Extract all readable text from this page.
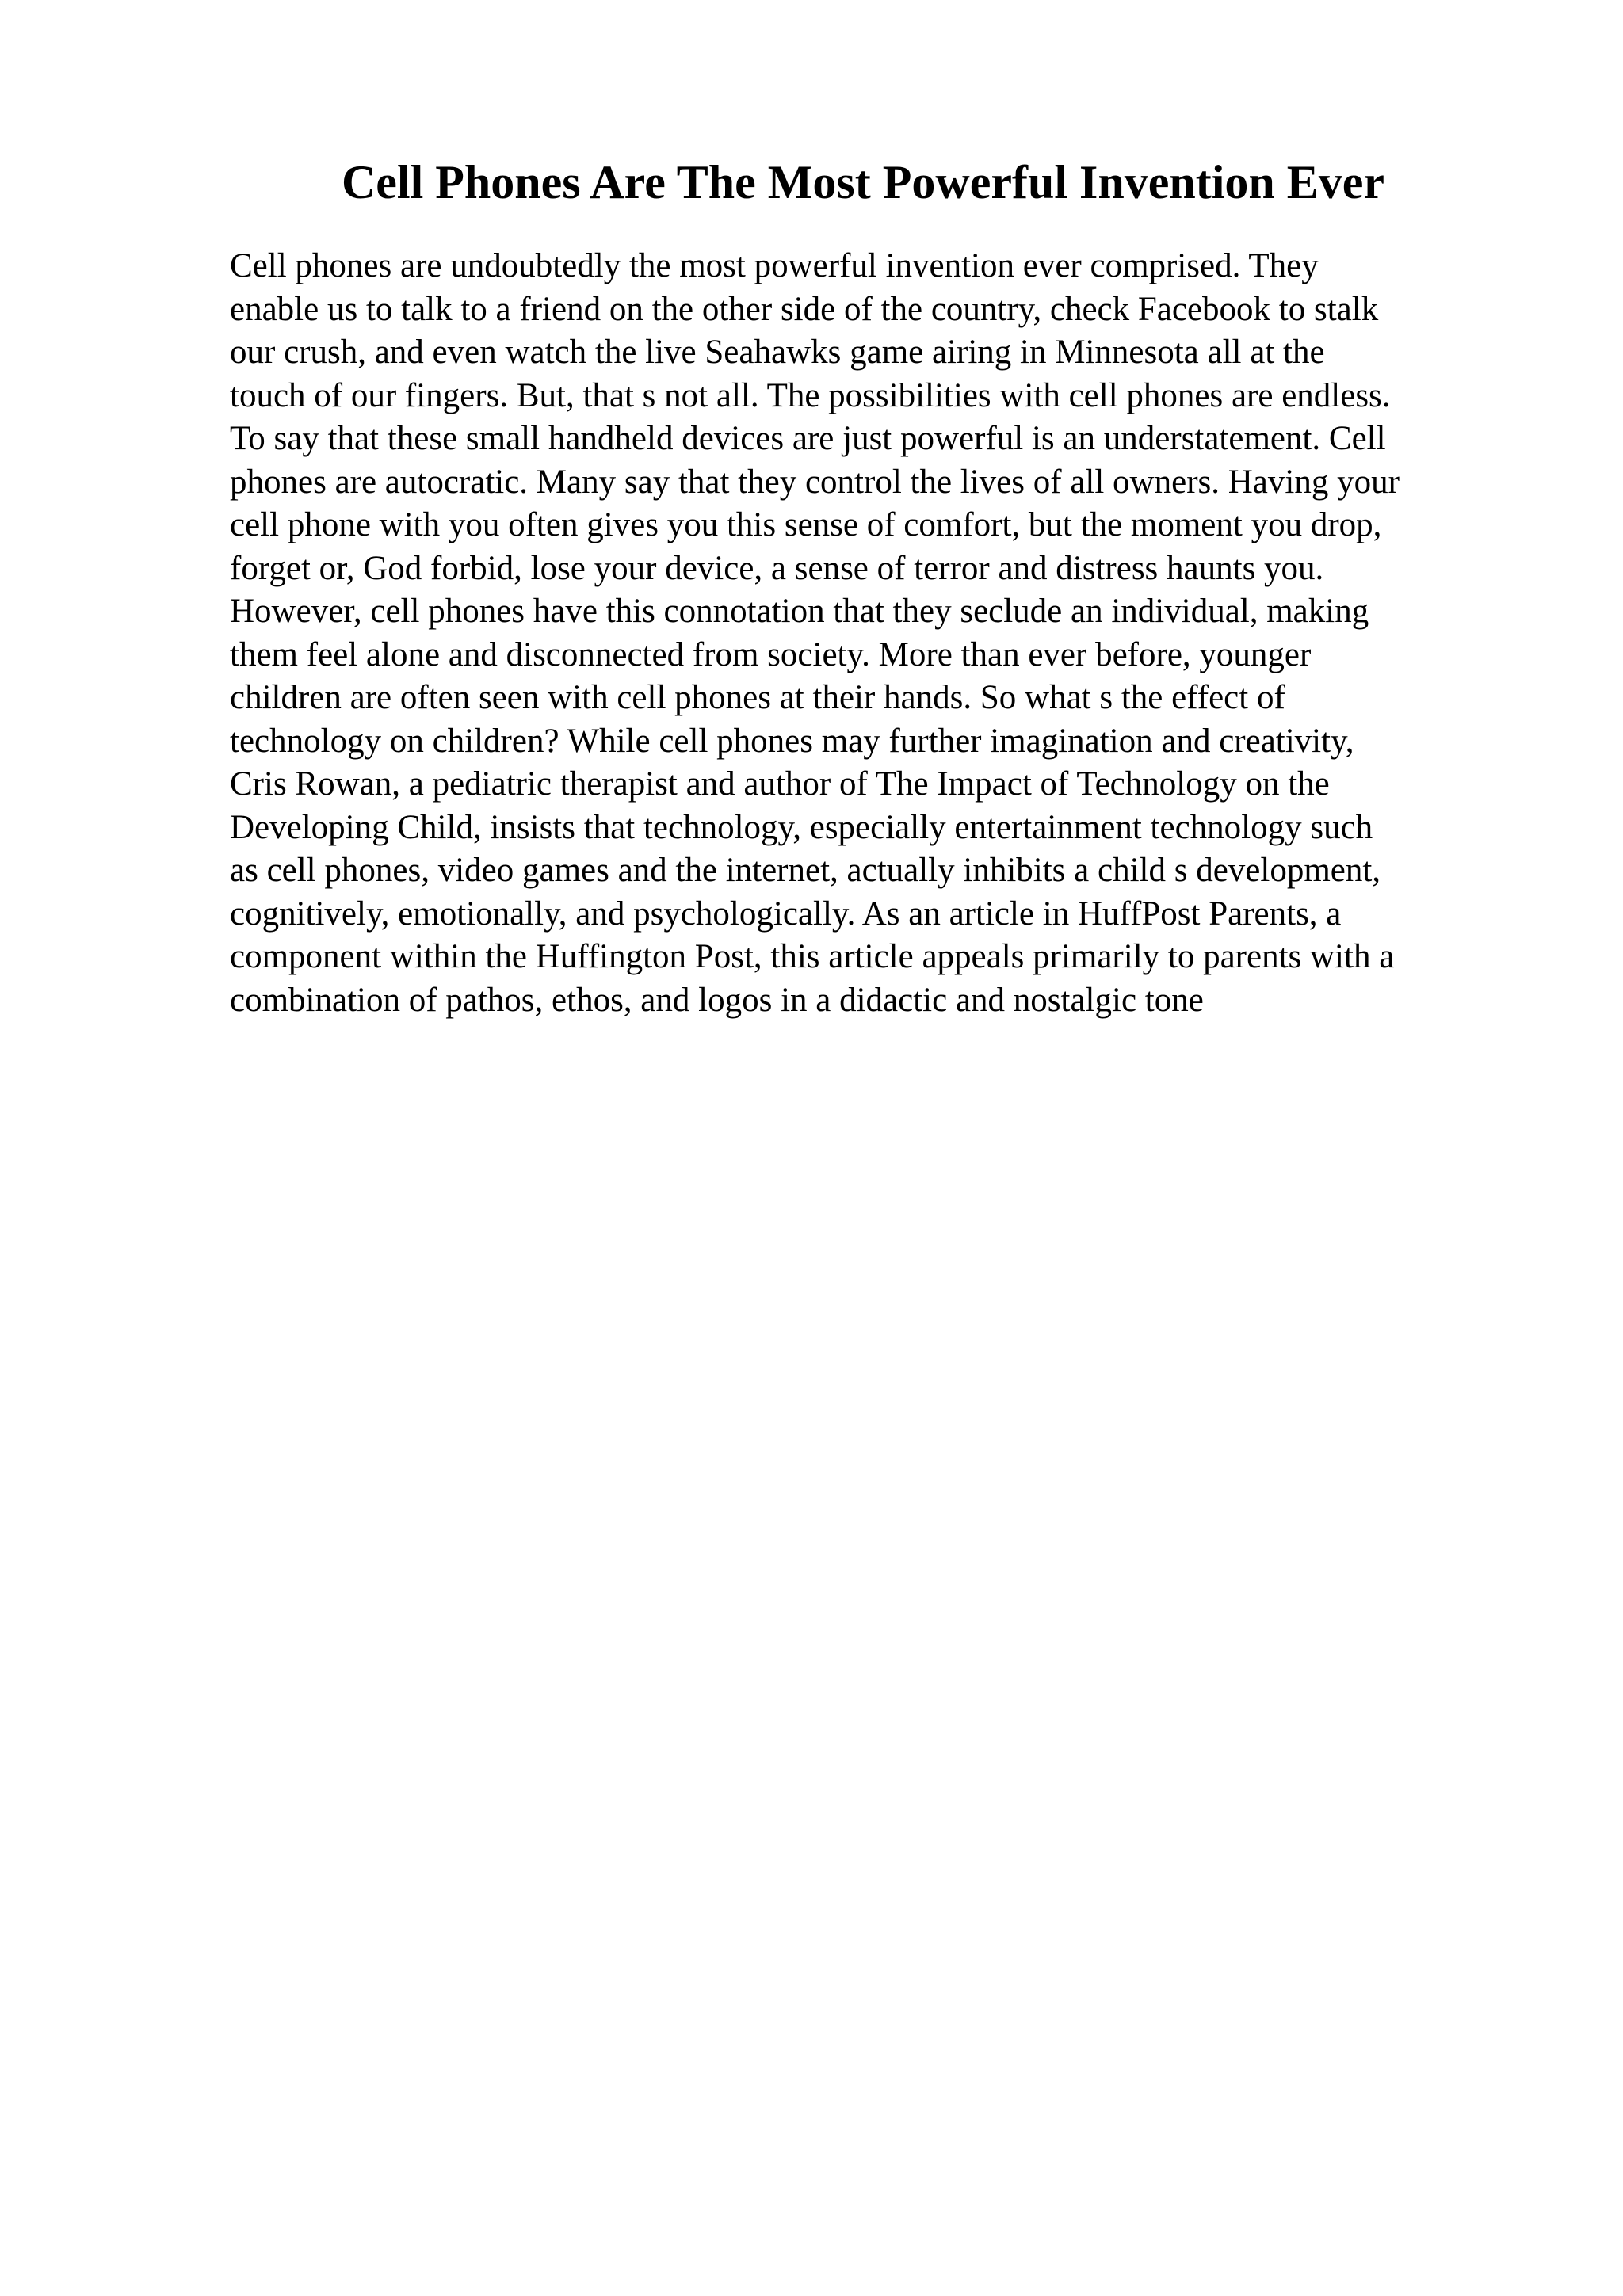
Cell Phones Are The Most Powerful Invention Ever
Cell phones are undoubtedly the most powerful invention ever comprised. They
enable us to talk to a friend on the other side of the country, check Facebook to stalk
our crush, and even watch the live Seahawks game airing in Minnesota all at the
touch of our fingers. But, that s not all. The possibilities with cell phones are endless.
To say that these small handheld devices are just powerful is an understatement. Cell
phones are autocratic. Many say that they control the lives of all owners. Having your
cell phone with you often gives you this sense of comfort, but the moment you drop,
forget or, God forbid, lose your device, a sense of terror and distress haunts you.
However, cell phones have this connotation that they seclude an individual, making
them feel alone and disconnected from society. More than ever before, younger
children are often seen with cell phones at their hands. So what s the effect of
technology on children? While cell phones may further imagination and creativity,
Cris Rowan, a pediatric therapist and author of The Impact of Technology on the
Developing Child, insists that technology, especially entertainment technology such
as cell phones, video games and the internet, actually inhibits a child s development,
cognitively, emotionally, and psychologically. As an article in HuffPost Parents, a
component within the Huffington Post, this article appeals primarily to parents with a
combination of pathos, ethos, and logos in a didactic and nostalgic tone
